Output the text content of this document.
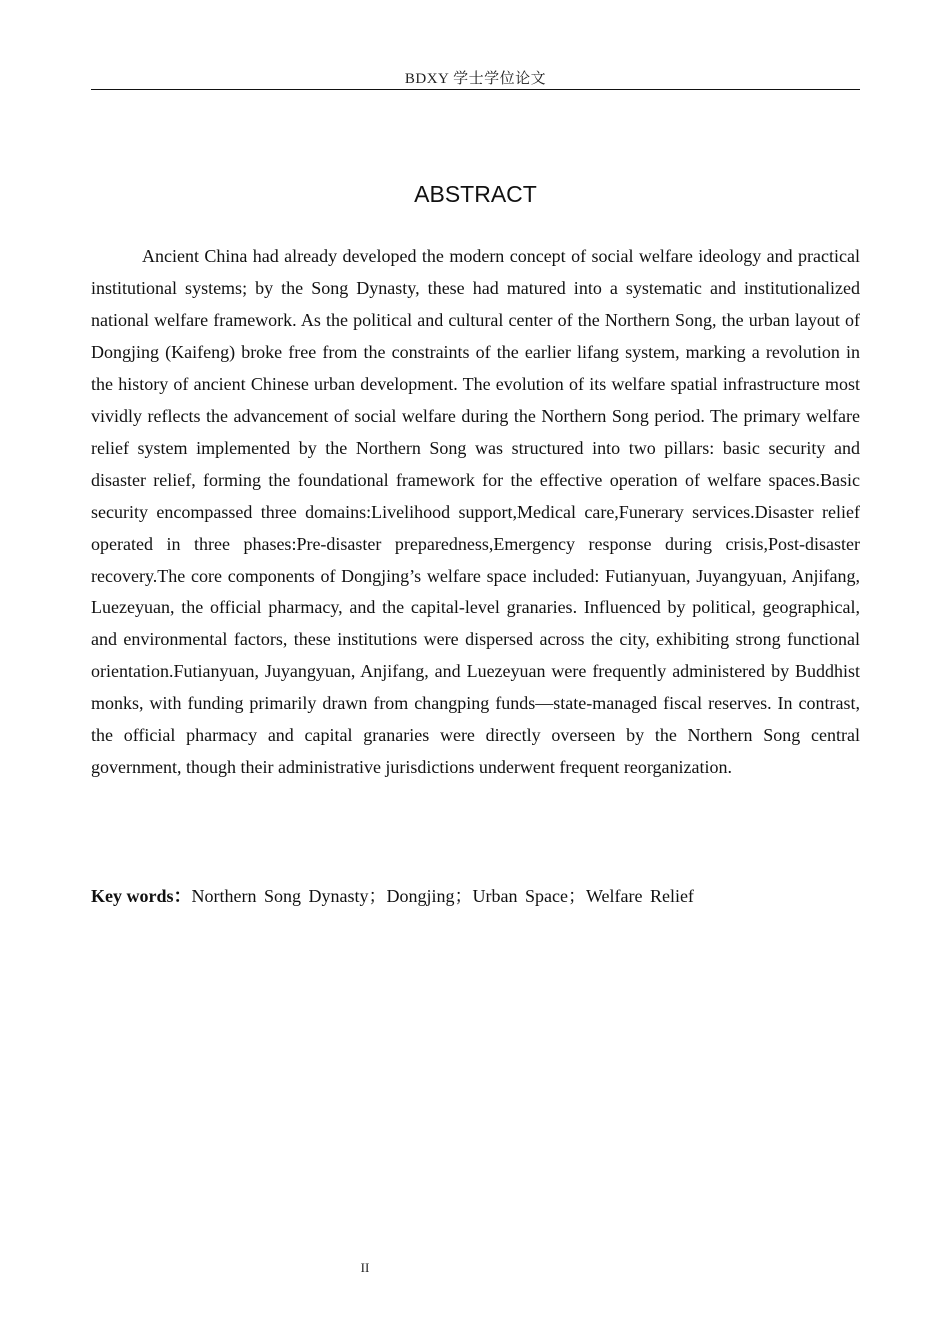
BDXY 学士学位论文
ABSTRACT

Ancient China had already developed the modern concept of social welfare ideology and practical institutional systems; by the Song Dynasty, these had matured into a systematic and institutionalized national welfare framework. As the political and cultural center of the Northern Song, the urban layout of Dongjing (Kaifeng) broke free from the constraints of the earlier lifang system, marking a revolution in the history of ancient Chinese urban development. The evolution of its welfare spatial infrastructure most vividly reflects the advancement of social welfare during the Northern Song period. The primary welfare relief system implemented by the Northern Song was structured into two pillars: basic security and disaster relief, forming the foundational framework for the effective operation of welfare spaces.Basic security encompassed three domains:Livelihood support,Medical care,Funerary services.Disaster relief operated in three phases:Pre-disaster preparedness,Emergency response during crisis,Post-disaster recovery.The core components of Dongjing’s welfare space included: Futianyuan, Juyangyuan, Anjifang, Luezeyuan, the official pharmacy, and the capital-level granaries. Influenced by political, geographical, and environmental factors, these institutions were dispersed across the city, exhibiting strong functional orientation.Futianyuan, Juyangyuan, Anjifang, and Luezeyuan were frequently administered by Buddhist monks, with funding primarily drawn from changping funds—state-managed fiscal reserves. In contrast, the official pharmacy and capital granaries were directly overseen by the Northern Song central government, though their administrative jurisdictions underwent frequent reorganization.

Key words：Northern Song Dynasty；Dongjing；Urban Space；Welfare Relief
II
